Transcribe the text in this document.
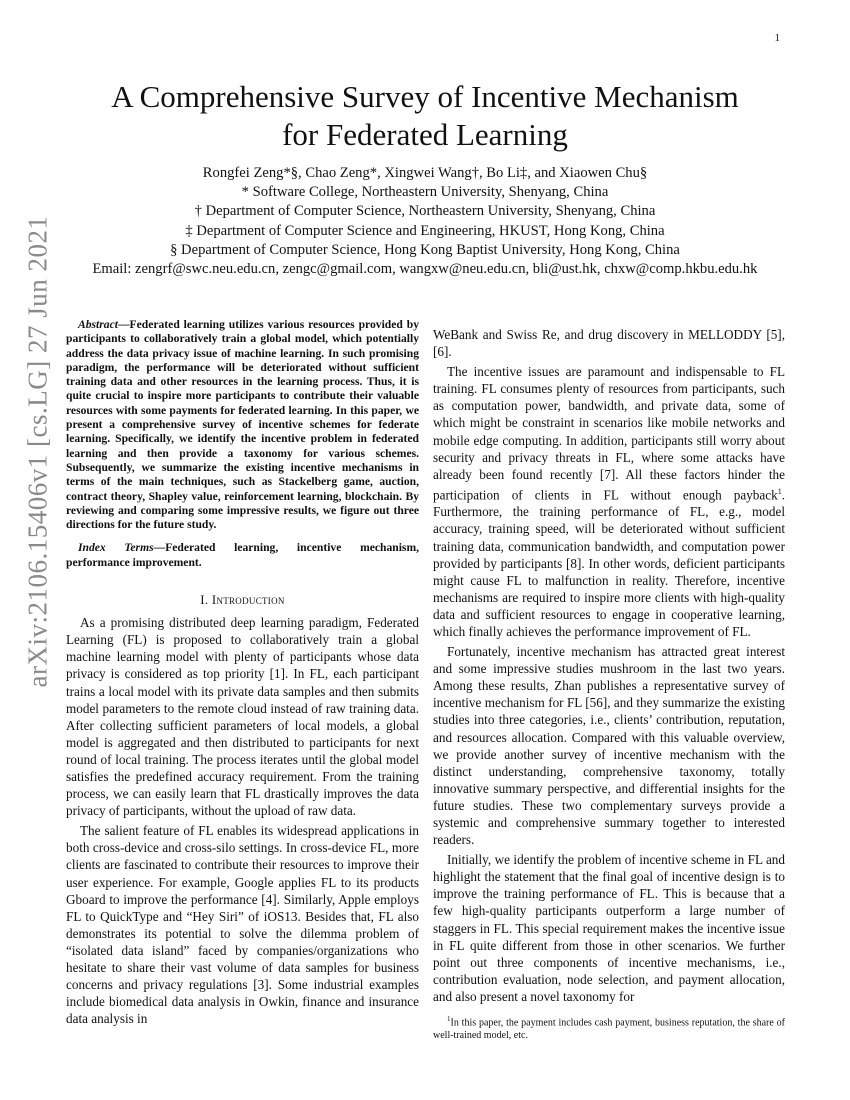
1
A Comprehensive Survey of Incentive Mechanism
for Federated Learning
Rongfei Zeng*§, Chao Zeng*, Xingwei Wang†, Bo Li‡, and Xiaowen Chu§
* Software College, Northeastern University, Shenyang, China
† Department of Computer Science, Northeastern University, Shenyang, China
‡ Department of Computer Science and Engineering, HKUST, Hong Kong, China
§ Department of Computer Science, Hong Kong Baptist University, Hong Kong, China
Email: zengrf@swc.neu.edu.cn, zengc@gmail.com, wangxw@neu.edu.cn, bli@ust.hk, chxw@comp.hkbu.edu.hk
arXiv:2106.15406v1 [cs.LG] 27 Jun 2021	Abstract—Federated learning utilizes various resources provided by participants to collaboratively train a global model, which potentially address the data privacy issue of machine learning. In such promising paradigm, the performance will be deteriorated without sufficient training data and other resources in the learning process. Thus, it is quite crucial to inspire more participants to contribute their valuable resources with some payments for federated learning. In this paper, we present a comprehensive survey of incentive schemes for federate learning. Specifically, we identify the incentive problem in federated learning and then provide a taxonomy for various schemes. Subsequently, we summarize the existing incentive mechanisms in terms of the main techniques, such as Stackelberg game, auction, contract theory, Shapley value, reinforcement learning, blockchain. By reviewing and comparing some impressive results, we figure out three directions for the future study.
Index Terms—Federated learning, incentive mechanism, performance improvement.
I. Introduction

As a promising distributed deep learning paradigm, Federated Learning (FL) is proposed to collaboratively train a global machine learning model with plenty of participants whose data privacy is considered as top priority [1]. In FL, each participant trains a local model with its private data samples and then submits model parameters to the remote cloud instead of raw training data. After collecting sufficient parameters of local models, a global model is aggregated and then distributed to participants for next round of local training. The process iterates until the global model satisfies the predefined accuracy requirement. From the training process, we can easily learn that FL drastically improves the data privacy of participants, without the upload of raw data.

The salient feature of FL enables its widespread applications in both cross-device and cross-silo settings. In cross-device FL, more clients are fascinated to contribute their resources to improve their user experience. For example, Google applies FL to its products Gboard to improve the performance [4]. Similarly, Apple employs FL to QuickType and “Hey Siri” of iOS13. Besides that, FL also demonstrates its potential to solve the dilemma problem of “isolated data island” faced by companies/organizations who hesitate to share their vast volume of data samples for business concerns and privacy regulations [3]. Some industrial examples include biomedical data analysis in Owkin, finance and insurance data analysis in

WeBank and Swiss Re, and drug discovery in MELLODDY [5], [6].

The incentive issues are paramount and indispensable to FL training. FL consumes plenty of resources from participants, such as computation power, bandwidth, and private data, some of which might be constraint in scenarios like mobile networks and mobile edge computing. In addition, participants still worry about security and privacy threats in FL, where some attacks have already been found recently [7]. All these factors hinder the participation of clients in FL without enough payback$^1$. Furthermore, the training performance of FL, e.g., model accuracy, training speed, will be deteriorated without sufficient training data, communication bandwidth, and computation power provided by participants [8]. In other words, deficient participants might cause FL to malfunction in reality. Therefore, incentive mechanisms are required to inspire more clients with high-quality data and sufficient resources to engage in cooperative learning, which finally achieves the performance improvement of FL.

Fortunately, incentive mechanism has attracted great interest and some impressive studies mushroom in the last two years. Among these results, Zhan publishes a representative survey of incentive mechanism for FL [56], and they summarize the existing studies into three categories, i.e., clients’ contribution, reputation, and resources allocation. Compared with this valuable overview, we provide another survey of incentive mechanism with the distinct understanding, comprehensive taxonomy, totally innovative summary perspective, and differential insights for the future studies. These two complementary surveys provide a systemic and comprehensive summary together to interested readers.

Initially, we identify the problem of incentive scheme in FL and highlight the statement that the final goal of incentive design is to improve the training performance of FL. This is because that a few high-quality participants outperform a large number of staggers in FL. This special requirement makes the incentive issue in FL quite different from those in other scenarios. We further point out three components of incentive mechanisms, i.e., contribution evaluation, node selection, and payment allocation, and also present a novel taxonomy for

$^1$In this paper, the payment includes cash payment, business reputation, the share of well-trained model, etc.
